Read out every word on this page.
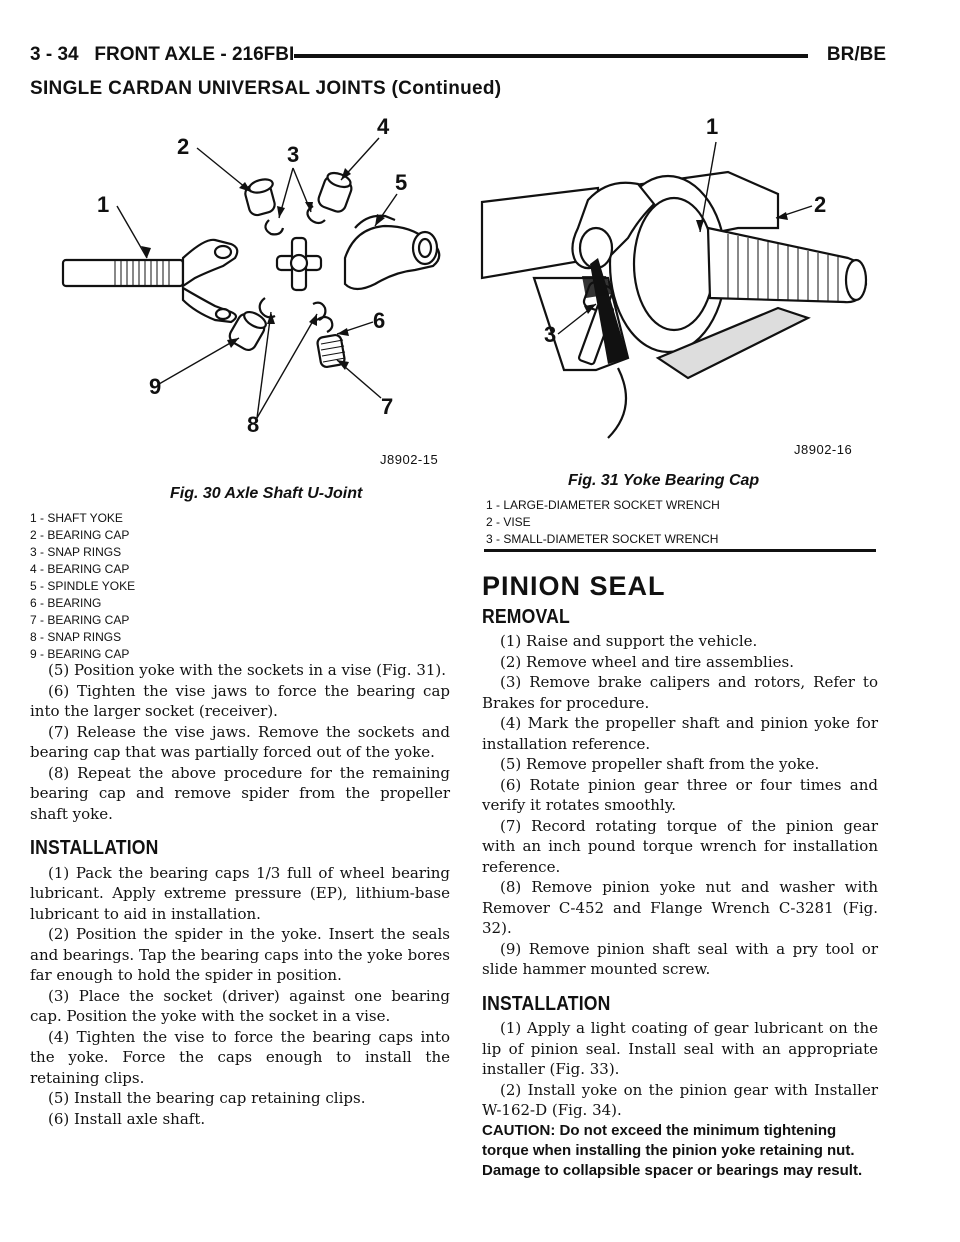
3 - 34   FRONT AXLE - 216FBI	BR/BE
SINGLE CARDAN UNIVERSAL JOINTS (Continued)
1
2	3
4
5
6
7
8
9
J8902-15
Fig. 30 Axle Shaft U-Joint
1 - SHAFT YOKE
2 - BEARING CAP
3 - SNAP RINGS
4 - BEARING CAP
5 - SPINDLE YOKE
6 - BEARING
7 - BEARING CAP
8 - SNAP RINGS
9 - BEARING CAP
1
2
3
J8902-16
Fig. 31 Yoke Bearing Cap
1 - LARGE-DIAMETER SOCKET WRENCH
2 - VISE
3 - SMALL-DIAMETER SOCKET WRENCH

(5) Position yoke with the sockets in a vise (Fig. 31).

(6) Tighten the vise jaws to force the bearing cap into the larger socket (receiver).

(7) Release the vise jaws. Remove the sockets and bearing cap that was partially forced out of the yoke.

(8) Repeat the above procedure for the remaining bearing cap and remove spider from the propeller shaft yoke.

INSTALLATION

(1) Pack the bearing caps 1/3 full of wheel bearing lubricant. Apply extreme pressure (EP), lithium-base lubricant to aid in installation.

(2) Position the spider in the yoke. Insert the seals and bearings. Tap the bearing caps into the yoke bores far enough to hold the spider in position.

(3) Place the socket (driver) against one bearing cap. Position the yoke with the socket in a vise.

(4) Tighten the vise to force the bearing caps into the yoke. Force the caps enough to install the retaining clips.

(5) Install the bearing cap retaining clips.

(6) Install axle shaft.

PINION SEAL
REMOVAL

(1) Raise and support the vehicle.

(2) Remove wheel and tire assemblies.

(3) Remove brake calipers and rotors, Refer to Brakes for procedure.

(4) Mark the propeller shaft and pinion yoke for installation reference.

(5) Remove propeller shaft from the yoke.

(6) Rotate pinion gear three or four times and verify it rotates smoothly.

(7) Record rotating torque of the pinion gear with an inch pound torque wrench for installation reference.

(8) Remove pinion yoke nut and washer with Remover C-452 and Flange Wrench C-3281 (Fig. 32).

(9) Remove pinion shaft seal with a pry tool or slide hammer mounted screw.

INSTALLATION

(1) Apply a light coating of gear lubricant on the lip of pinion seal. Install seal with an appropriate installer (Fig. 33).

(2) Install yoke on the pinion gear with Installer W-162-D (Fig. 34).

CAUTION: Do not exceed the minimum tightening torque when installing the pinion yoke retaining nut. Damage to collapsible spacer or bearings may result.
